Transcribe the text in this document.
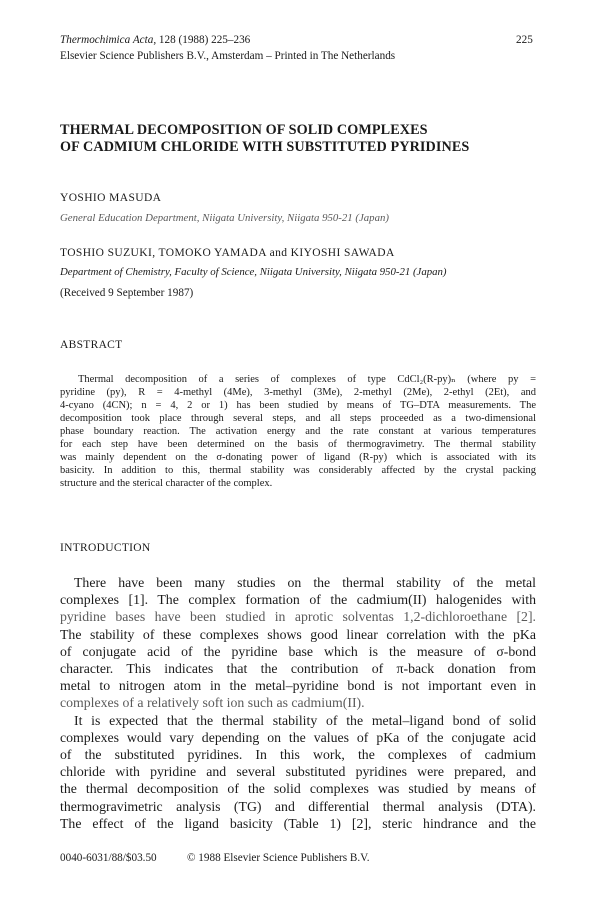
Thermochimica Acta, 128 (1988) 225–236	225
Elsevier Science Publishers B.V., Amsterdam – Printed in The Netherlands
THERMAL DECOMPOSITION OF SOLID COMPLEXES
OF CADMIUM CHLORIDE WITH SUBSTITUTED PYRIDINES
YOSHIO MASUDA
General Education Department, Niigata University, Niigata 950-21 (Japan)
TOSHIO SUZUKI, TOMOKO YAMADA and KIYOSHI SAWADA
Department of Chemistry, Faculty of Science, Niigata University, Niigata 950-21 (Japan)
(Received 9 September 1987)
ABSTRACT

Thermal decomposition of a series of complexes of type CdCl₂(R-py)ₙ (where py =

pyridine (py), R = 4-methyl (4Me), 3-methyl (3Me), 2-methyl (2Me), 2-ethyl (2Et), and

4-cyano (4CN); n = 4, 2 or 1) has been studied by means of TG–DTA measurements. The

decomposition took place through several steps, and all steps proceeded as a two-dimensional

phase boundary reaction. The activation energy and the rate constant at various temperatures

for each step have been determined on the basis of thermogravimetry. The thermal stability

was mainly dependent on the σ-donating power of ligand (R-py) which is associated with its

basicity. In addition to this, thermal stability was considerably affected by the crystal packing

structure and the sterical character of the complex.

INTRODUCTION

There have been many studies on the thermal stability of the metal

complexes [1]. The complex formation of the cadmium(II) halogenides with

pyridine bases have been studied in aprotic solventas 1,2-dichloroethane [2].

The stability of these complexes shows good linear correlation with the pKa

of conjugate acid of the pyridine base which is the measure of σ-bond

character. This indicates that the contribution of π-back donation from

metal to nitrogen atom in the metal–pyridine bond is not important even in

complexes of a relatively soft ion such as cadmium(II).

It is expected that the thermal stability of the metal–ligand bond of solid

complexes would vary depending on the values of pKa of the conjugate acid

of the substituted pyridines. In this work, the complexes of cadmium

chloride with pyridine and several substituted pyridines were prepared, and

the thermal decomposition of the solid complexes was studied by means of

thermogravimetric analysis (TG) and differential thermal analysis (DTA).

The effect of the ligand basicity (Table 1) [2], steric hindrance and the

0040-6031/88/$03.50	© 1988 Elsevier Science Publishers B.V.
